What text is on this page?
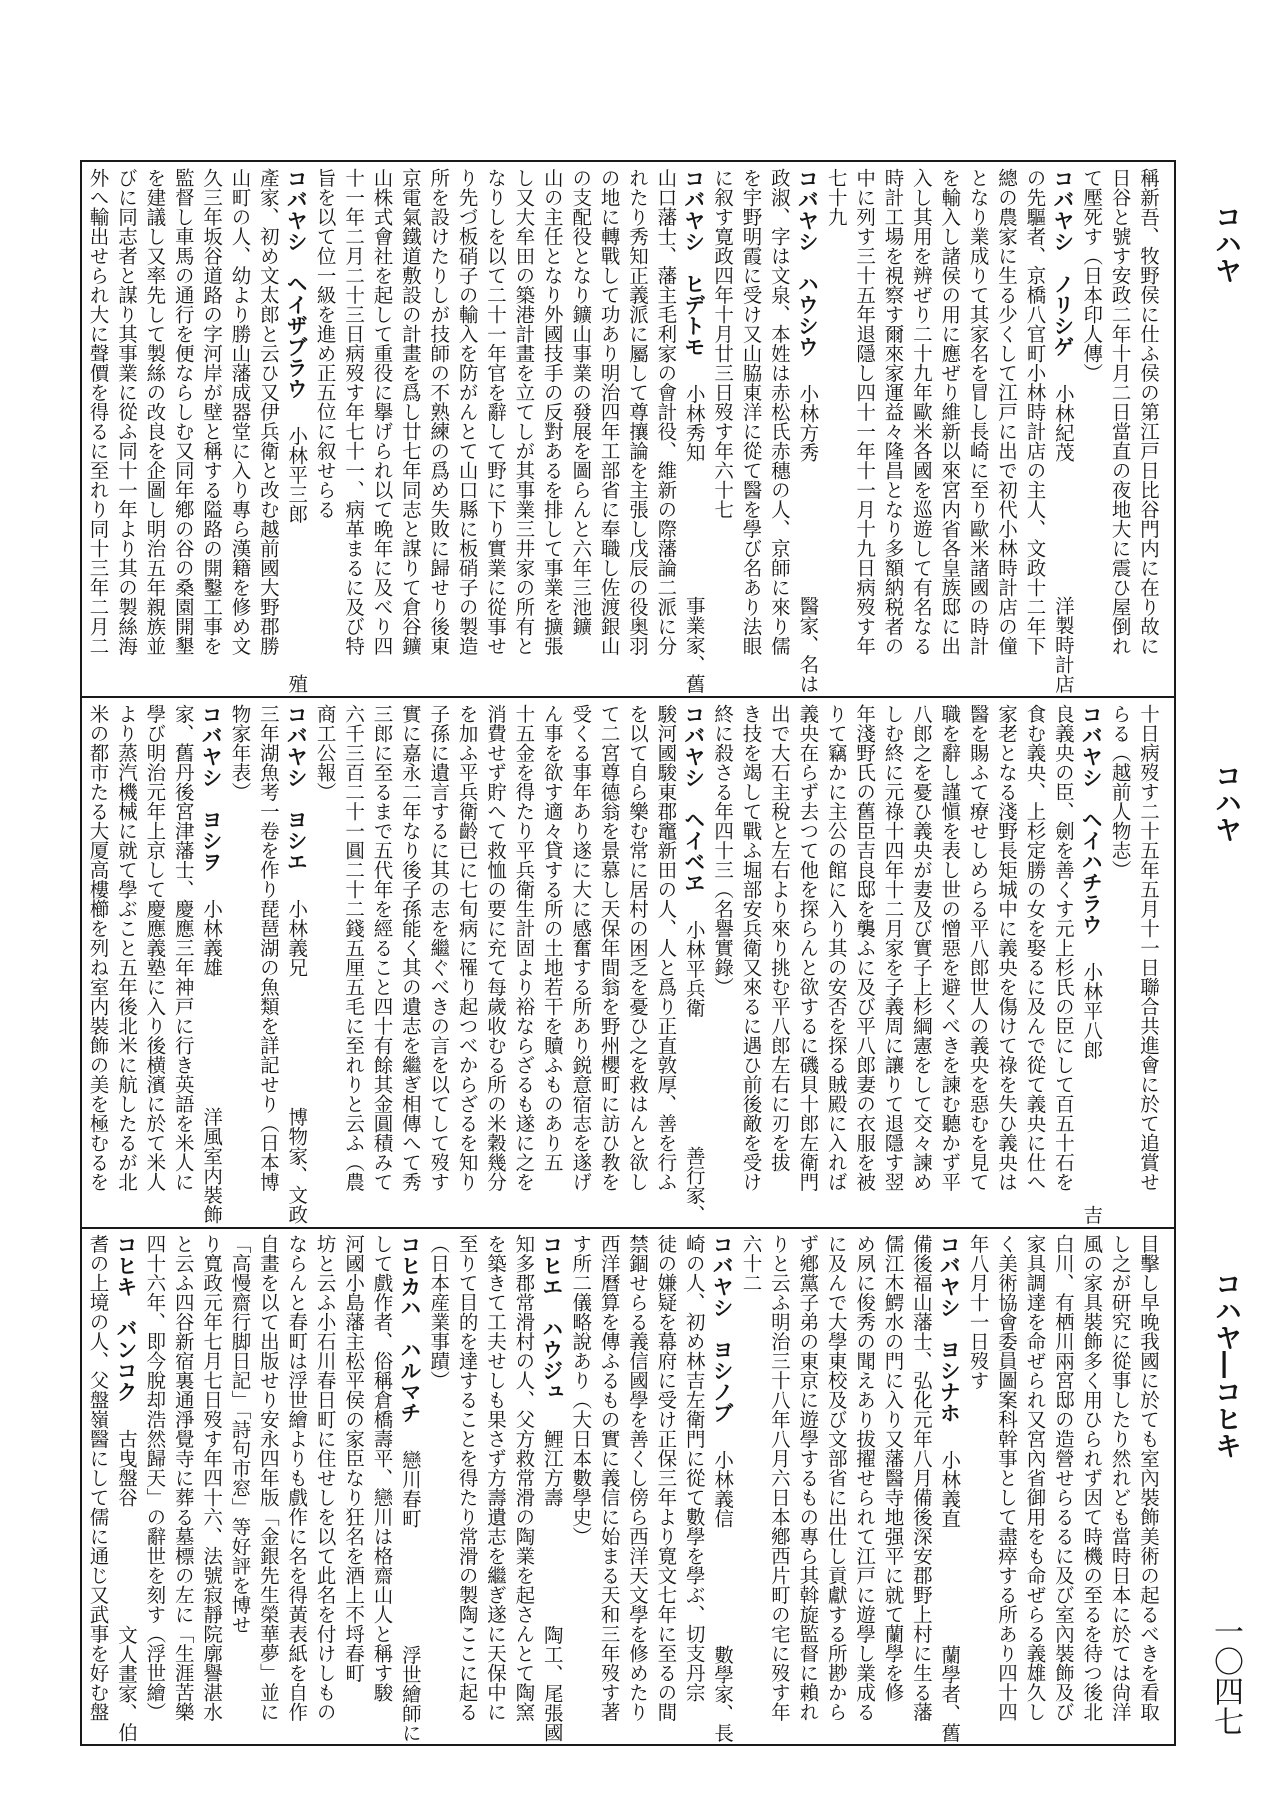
稱新吾、牧野侯に仕ふ侯の第江戸日比谷門内に在り故に
日谷と號す安政二年十月二日當直の夜地大に震ひ屋倒れ
て壓死す（日本印人傳）
コバヤシ　ノリシゲ
小林紀茂
洋製時計店
の先驅者、京橋八官町小林時計店の主人、文政十二年下
總の農家に生る少くして江戸に出で初代小林時計店の僮
となり業成りて其家名を冒し長崎に至り歐米諸國の時計
を輸入し諸侯の用に應ぜり維新以來宮内省各皇族邸に出
入し其用を辨ぜり二十九年歐米各國を巡遊して有名なる
時計工場を視察す爾來家運益々隆昌となり多額納税者の
中に列す三十五年退隱し四十一年十一月十九日病歿す年
七十九
コバヤシ　ハウシウ
小林方秀
醫家、名は
政淑、字は文泉、本姓は赤松氏赤穗の人、京師に來り儒
を宇野明霞に受け又山脇東洋に從て醫を學び名あり法眼
に叙す寛政四年十月廿三日歿す年六十七
コバヤシ　ヒデトモ
小林秀知
事業家、舊
山口藩士、藩主毛利家の會計役、維新の際藩論二派に分
れたり秀知正義派に屬して尊攘論を主張し戊辰の役奥羽
の地に轉戰して功あり明治四年工部省に奉職し佐渡銀山
の支配役となり鑛山事業の發展を圖らんと六年三池鑛
山の主任となり外國技手の反對あるを排して事業を擴張
し又大牟田の築港計畫を立てしが其事業三井家の所有と
なりしを以て二十一年官を辭して野に下り實業に從事せ
り先づ板硝子の輸入を防がんとて山口縣に板硝子の製造
所を設けたりしが技師の不熟練の爲め失敗に歸せり後東
京電氣鐵道敷設の計畫を爲し廿七年同志と謀りて倉谷鑛
山株式會社を起して重役に擧げられ以て晩年に及べり四
十一年二月二十三日病歿す年七十一、病革まるに及び特
旨を以て位一級を進め正五位に叙せらる
コバヤシ　ヘイザブラウ
小林平三郎
殖
產家、初め文太郎と云ひ又伊兵衛と改む越前國大野郡勝
山町の人、幼より勝山藩成器堂に入り專ら漢籍を修め文
久三年坂谷道路の字河岸が壁と稱する隘路の開鑿工事を
監督し車馬の通行を便ならしむ又同年鄕の谷の桑園開墾
を建議し又率先して製絲の改良を企圖し明治五年親族並
びに同志者と謀り其事業に從ふ同十一年より其の製絲海
外へ輸出せられ大に聲價を得るに至れり同十三年二月二
十日病歿す二十五年五月十一日聯合共進會に於て追賞せ
らる（越前人物志）
コバヤシ　ヘイハチラウ
小林平八郎
吉
良義央の臣、劍を善くす元上杉氏の臣にして百五十石を
食む義央、上杉定勝の女を娶るに及んで從て義央に仕へ
家老となる淺野長矩城中に義央を傷けて祿を失ひ義央は
醫を賜ふて療せしめらる平八郎世人の義央を惡むを見て
職を辭し謹愼を表し世の憎惡を避くべきを諫む聽かず平
八郎之を憂ひ義央が妻及び實子上杉綱憲をして交々諫め
しむ終に元祿十四年十二月家を子義周に讓りて退隱す翌
年淺野氏の舊臣吉良邸を襲ふに及び平八郎妻の衣服を被
りて竊かに主公の館に入り其の安否を探る賊殿に入れば
義央在らず去つて他を探らんと欲するに磯貝十郎左衛門
出で大石主稅と左右より來り挑む平八郎左右に刃を拔
き技を竭して戰ふ堀部安兵衛又來るに遇ひ前後敵を受け
終に殺さる年四十三（名譽實錄）
コバヤシ　ヘイベヱ
小林平兵衛
善行家、
駿河國駿東郡竈新田の人、人と爲り正直敦厚、善を行ふ
を以て自ら樂む常に居村の困乏を憂ひ之を救はんと欲し
て二宮尊德翁を景慕し天保年間翁を野州櫻町に訪ひ教を
受くる事年あり遂に大に感奮する所あり鋭意宿志を遂げ
ん事を欲す適々貸する所の土地若干を贖ふものあり五
十五金を得たり平兵衛生計固より裕ならざるも遂に之を
消費せず貯へて救恤の要に充て每歲收むる所の米穀幾分
を加ふ平兵衛齡已に七旬病に罹り起つべからざるを知り
子孫に遺言するに其の志を繼ぐべきの言を以てして歿す
實に嘉永二年なり後子孫能く其の遺志を繼ぎ相傳へて秀
三郎に至るまで五代年を經ること四十有餘其金圓積みて
六千三百二十一圓二十二錢五厘五毛に至れりと云ふ（農
商工公報）
コバヤシ　ヨシエ
小林義兄
博物家、文政
三年湖魚考一卷を作り琵琶湖の魚類を詳記せり（日本博
物家年表）
コバヤシ　ヨシヲ
小林義雄
洋風室内裝飾
家、舊丹後宮津藩士、慶應三年神戸に行き英語を米人に
學び明治元年上京して慶應義塾に入り後横濱に於て米人
より蒸汽機械に就て學ぶこと五年後北米に航したるが北
米の都市たる大厦高樓櫛を列ね室内裝飾の美を極むるを
目擊し早晚我國に於ても室內裝飾美術の起るべきを看取
し之が研究に從事したり然れども當時日本に於ては尙洋
風の家具裝飾多く用ひられず因て時機の至るを待つ後北
白川、有栖川兩宮邸の造營せらるるに及び室內裝飾及び
家具調達を命ぜられ又宮內省御用をも命ぜらる義雄久し
く美術協會委員圖案科幹事として盡瘁する所あり四十四
年八月十一日歿す
コバヤシ　ヨシナホ
小林義直
蘭學者、舊
備後福山藩士、弘化元年八月備後深安郡野上村に生る藩
儒江木鰐水の門に入り又藩醫寺地强平に就て蘭學を修
め夙に俊秀の聞えあり拔擢せられて江戸に遊學し業成る
に及んで大學東校及び文部省に出仕し貢獻する所尠から
ず鄕黨子弟の東京に遊學するもの專ら其斡旋監督に賴れ
りと云ふ明治三十八年八月六日本鄕西片町の宅に歿す年
六十二
コバヤシ　ヨシノブ
小林義信
數學家、長
崎の人、初め林吉左衛門に從て數學を學ぶ、切支丹宗
徒の嫌疑を幕府に受け正保三年より寛文七年に至るの間
禁錮せらる義信國學を善くし傍ら西洋天文學を修めたり
西洋曆算を傳ふるもの實に義信に始まる天和三年歿す著
す所二儀略說あり（大日本數學史）
コヒエ　ハウジュ
鯉江方壽
陶工、尾張國
知多郡常滑村の人、父方救常滑の陶業を起さんとて陶窯
を築きて工夫せしも果さず方壽遺志を繼ぎ遂に天保中に
至りて目的を達することを得たり常滑の製陶ここに起る
（日本産業事蹟）
コヒカハ　ハルマチ
戀川春町
浮世繪師に
して戲作者、俗稱倉橋壽平、戀川は格齋山人と稱す駿
河國小島藩主松平侯の家臣なり狂名を酒上不埒春町
坊と云ふ小石川春日町に住せしを以て此名を付けしもの
ならんと春町は浮世繪よりも戲作に名を得黃表紙を自作
自畫を以て出版せり安永四年版「金銀先生榮華夢」並に
「高慢齋行脚日記」「詩句市窓」等好評を博せ
り寬政元年七月七日歿す年四十六、法號寂靜院廓譽湛水
と云ふ四谷新宿裏通淨覺寺に葬る墓標の左に「生涯苦樂
四十六年、即今脫却浩然歸天」の辭世を刻す（浮世繪）
コヒキ　バンコク
古曳盤谷
文人畫家、伯
耆の上境の人、父盤嶺醫にして儒に通じ又武事を好む盤
コハヤ
コハヤ
コハヤ―コヒキ
一〇四七
